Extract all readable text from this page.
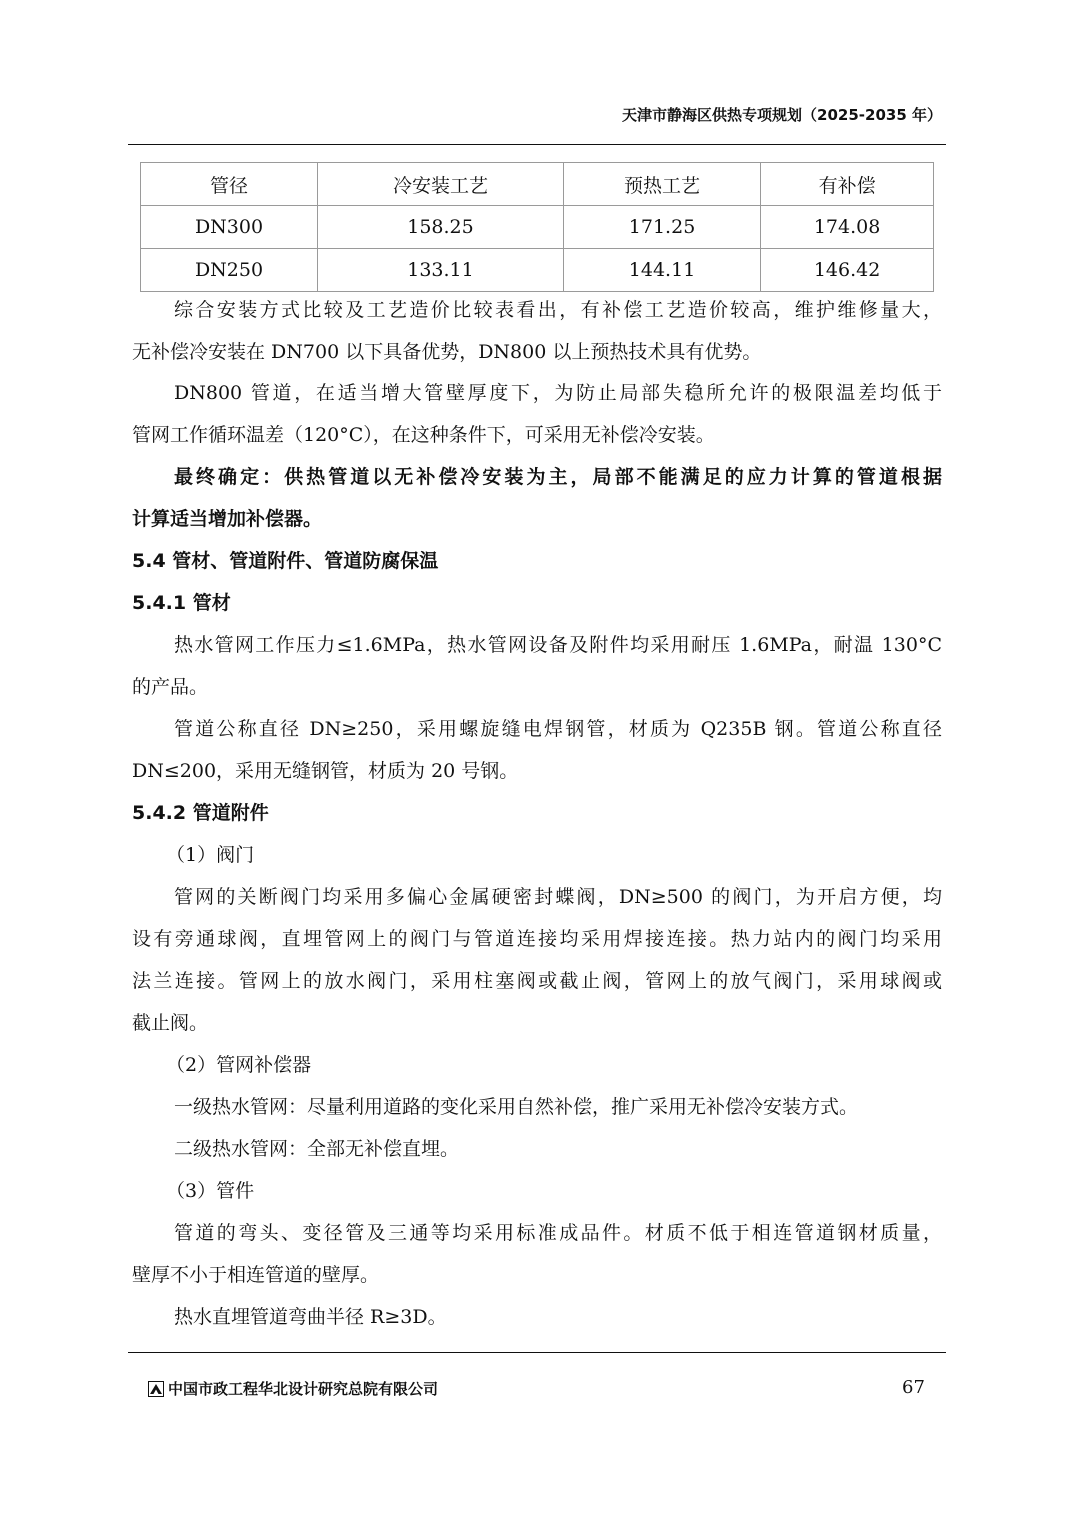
天津市静海区供热专项规划（2025-2035 年）
管径	冷安装工艺	预热工艺	有补偿
DN300	158.25	171.25	174.08
DN250	133.11	144.11	146.42
综合安装方式比较及工艺造价比较表看出，有补偿工艺造价较高，维护维修量大，
无补偿冷安装在 DN700 以下具备优势，DN800 以上预热技术具有优势。
DN800 管道，在适当增大管壁厚度下，为防止局部失稳所允许的极限温差均低于
管网工作循环温差（120°C），在这种条件下，可采用无补偿冷安装。
最终确定：供热管道以无补偿冷安装为主，局部不能满足的应力计算的管道根据
计算适当增加补偿器。
5.4 管材、管道附件、管道防腐保温
5.4.1 管材
热水管网工作压力≤1.6MPa，热水管网设备及附件均采用耐压 1.6MPa，耐温 130°C
的产品。
管道公称直径 DN≥250，采用螺旋缝电焊钢管，材质为 Q235B 钢。管道公称直径
DN≤200，采用无缝钢管，材质为 20 号钢。
5.4.2 管道附件
（1）阀门
管网的关断阀门均采用多偏心金属硬密封蝶阀，DN≥500 的阀门，为开启方便，均
设有旁通球阀，直埋管网上的阀门与管道连接均采用焊接连接。热力站内的阀门均采用
法兰连接。管网上的放水阀门，采用柱塞阀或截止阀，管网上的放气阀门，采用球阀或
截止阀。
（2）管网补偿器
一级热水管网：尽量利用道路的变化采用自然补偿，推广采用无补偿冷安装方式。
二级热水管网：全部无补偿直埋。
（3）管件
管道的弯头、变径管及三通等均采用标准成品件。材质不低于相连管道钢材质量，
壁厚不小于相连管道的壁厚。
热水直埋管道弯曲半径 R≥3D。
中国市政工程华北设计研究总院有限公司	67
